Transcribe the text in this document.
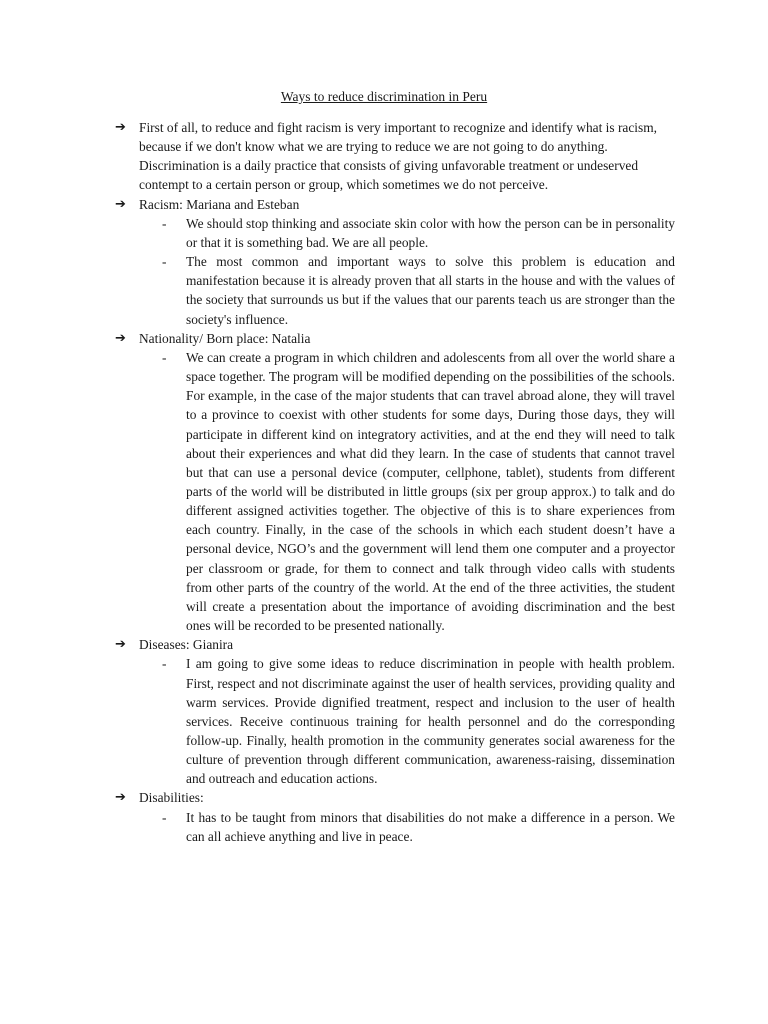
Ways to reduce discrimination in Peru
➔ First of all, to reduce and fight racism is very important to recognize and identify what is racism, because if we don't know what we are trying to reduce we are not going to do anything. Discrimination is a daily practice that consists of giving unfavorable treatment or undeserved contempt to a certain person or group, which sometimes we do not perceive.
➔ Racism: Mariana and Esteban
- We should stop thinking and associate skin color with how the person can be in personality or that it is something bad. We are all people.
- The most common and important ways to solve this problem is education and manifestation because it is already proven that all starts in the house and with the values of the society that surrounds us but if the values that our parents teach us are stronger than the society's influence.
➔ Nationality/ Born place: Natalia
- We can create a program in which children and adolescents from all over the world share a space together. The program will be modified depending on the possibilities of the schools. For example, in the case of the major students that can travel abroad alone, they will travel to a province to coexist with other students for some days, During those days, they will participate in different kind on integratory activities, and at the end they will need to talk about their experiences and what did they learn. In the case of students that cannot travel but that can use a personal device (computer, cellphone, tablet), students from different parts of the world will be distributed in little groups (six per group approx.) to talk and do different assigned activities together. The objective of this is to share experiences from each country. Finally, in the case of the schools in which each student doesn’t have a personal device, NGO’s and the government will lend them one computer and a proyector per classroom or grade, for them to connect and talk through video calls with students from other parts of the country of the world. At the end of the three activities, the student will create a presentation about the importance of avoiding discrimination and the best ones will be recorded to be presented nationally.
➔ Diseases: Gianira
- I am going to give some ideas to reduce discrimination in people with health problem. First, respect and not discriminate against the user of health services, providing quality and warm services. Provide dignified treatment, respect and inclusion to the user of health services. Receive continuous training for health personnel and do the corresponding follow-up. Finally, health promotion in the community generates social awareness for the culture of prevention through different communication, awareness-raising, dissemination and outreach and education actions.
➔ Disabilities:
- It has to be taught from minors that disabilities do not make a difference in a person. We can all achieve anything and live in peace.
